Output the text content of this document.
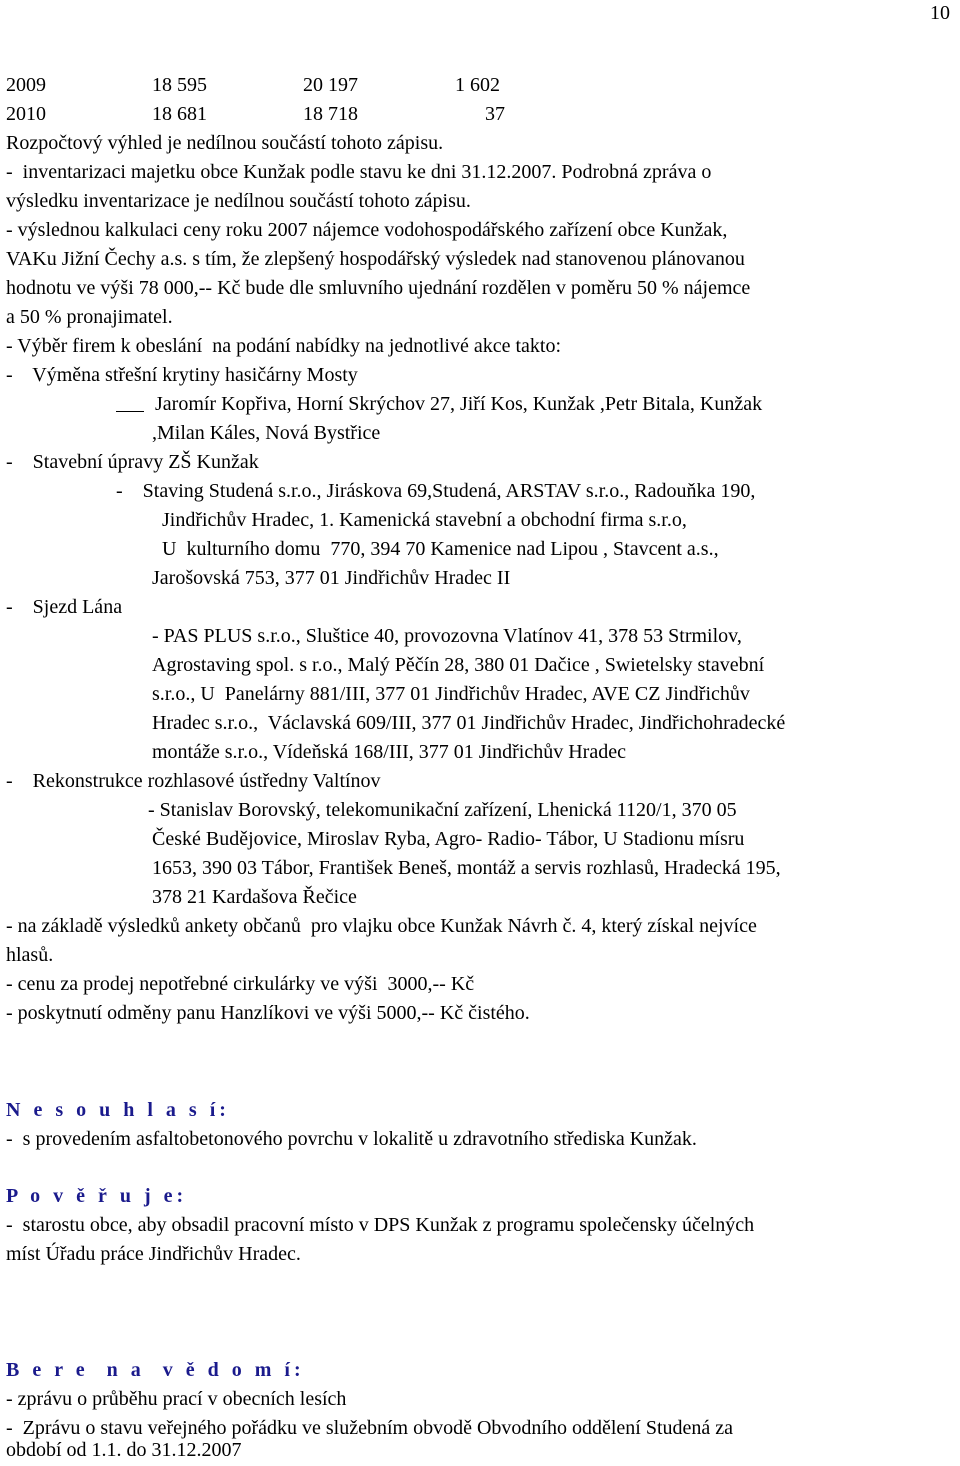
10
2009	18 595	20 197	1 602
2010	18 681	18 718	37
Rozpočtový výhled je nedílnou součástí tohoto zápisu.
-  inventarizaci majetku obce Kunžak podle stavu ke dni 31.12.2007. Podrobná zpráva o
výsledku inventarizace je nedílnou součástí tohoto zápisu.
- výslednou kalkulaci ceny roku 2007 nájemce vodohospodářského zařízení obce Kunžak,
VAKu Jižní Čechy a.s. s tím, že zlepšený hospodářský výsledek nad stanovenou plánovanou
hodnotu ve výši 78 000,-- Kč bude dle smluvního ujednání rozdělen v poměru 50 % nájemce
a 50 % pronajimatel.
- Výběr firem k obeslání  na podání nabídky na jednotlivé akce takto:
-    Výměna střešní krytiny hasičárny Mosty
Jaromír Kopřiva, Horní Skrýchov 27, Jiří Kos, Kunžak ,Petr Bitala, Kunžak
,Milan Káles, Nová Bystřice
-    Stavební úpravy ZŠ Kunžak
-    Staving Studená s.r.o., Jiráskova 69,Studená, ARSTAV s.r.o., Radouňka 190,
Jindřichův Hradec, 1. Kamenická stavební a obchodní firma s.r.o,
U  kulturního domu  770, 394 70 Kamenice nad Lipou , Stavcent a.s.,
Jarošovská 753, 377 01 Jindřichův Hradec II
-    Sjezd Lána
- PAS PLUS s.r.o., Sluštice 40, provozovna Vlatínov 41, 378 53 Strmilov,
Agrostaving spol. s r.o., Malý Pěčín 28, 380 01 Dačice , Swietelsky stavební
s.r.o., U  Panelárny 881/III, 377 01 Jindřichův Hradec, AVE CZ Jindřichův
Hradec s.r.o.,  Václavská 609/III, 377 01 Jindřichův Hradec, Jindřichohradecké
montáže s.r.o., Vídeňská 168/III, 377 01 Jindřichův Hradec
-    Rekonstrukce rozhlasové ústředny Valtínov
- Stanislav Borovský, telekomunikační zařízení, Lhenická 1120/1, 370 05
České Budějovice, Miroslav Ryba, Agro- Radio- Tábor, U Stadionu mísru
1653, 390 03 Tábor, František Beneš, montáž a servis rozhlasů, Hradecká 195,
378 21 Kardašova Řečice
- na základě výsledků ankety občanů  pro vlajku obce Kunžak Návrh č. 4, který získal nejvíce
hlasů.
- cenu za prodej nepotřebné cirkulárky ve výši  3000,-- Kč
- poskytnutí odměny panu Hanzlíkovi ve výši 5000,-- Kč čistého.
N e s o u h l a s í:
-  s provedením asfaltobetonového povrchu v lokalitě u zdravotního střediska Kunžak.
P o v ě ř u j e:
-  starostu obce, aby obsadil pracovní místo v DPS Kunžak z programu společensky účelných
míst Úřadu práce Jindřichův Hradec.
B e r e  n a  v ě d o m í:
- zprávu o průběhu prací v obecních lesích
-  Zprávu o stavu veřejného pořádku ve služebním obvodě Obvodního oddělení Studená za
období od 1.1. do 31.12.2007
